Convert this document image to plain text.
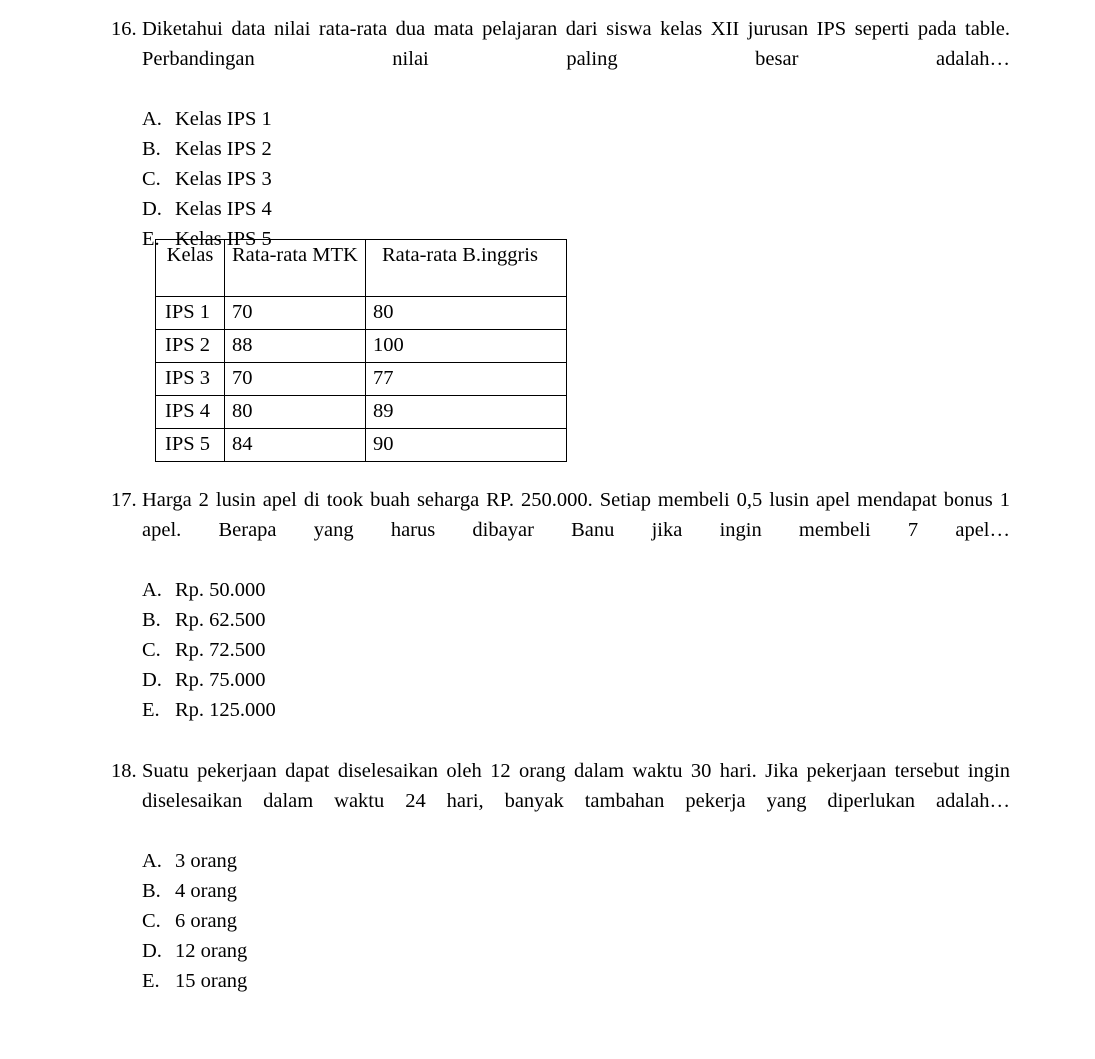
16. Diketahui data nilai rata-rata dua mata pelajaran dari siswa kelas XII jurusan IPS seperti pada table. Perbandingan nilai paling besar adalah…
A. Kelas IPS 1
B. Kelas IPS 2
C. Kelas IPS 3
D. Kelas IPS 4
E. Kelas IPS 5
Kelas	Rata-rata MTK	Rata-rata B.inggris
IPS 1	70	80
IPS 2	88	100
IPS 3	70	77
IPS 4	80	89
IPS 5	84	90
17. Harga 2 lusin apel di took buah seharga RP. 250.000. Setiap membeli 0,5 lusin apel mendapat bonus 1 apel. Berapa yang harus dibayar Banu jika ingin membeli 7 apel…
A. Rp. 50.000
B. Rp. 62.500
C. Rp. 72.500
D. Rp. 75.000
E. Rp. 125.000
18. Suatu pekerjaan dapat diselesaikan oleh 12 orang dalam waktu 30 hari. Jika pekerjaan tersebut ingin diselesaikan dalam waktu 24 hari, banyak tambahan pekerja yang diperlukan adalah…
A. 3 orang
B. 4 orang
C. 6 orang
D. 12 orang
E. 15 orang
